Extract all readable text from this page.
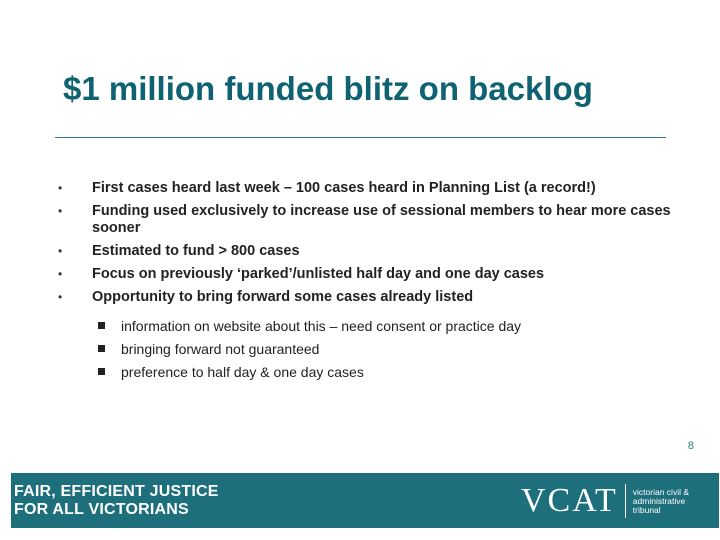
$1 million funded blitz on backlog
•	First cases heard last week – 100 cases heard in Planning List (a record!)
•	Funding used exclusively to increase use of sessional members to hear more cases sooner
•	Estimated to fund > 800 cases
•	Focus on previously ‘parked’/unlisted half day and one day cases
•	Opportunity to bring forward some cases already listed
information on website about this – need consent or practice day
bringing forward not guaranteed
preference to half day & one day cases
8
FAIR, EFFICIENT JUSTICE
FOR ALL VICTORIANS	VCAT victorian civil &
administrative
tribunal
